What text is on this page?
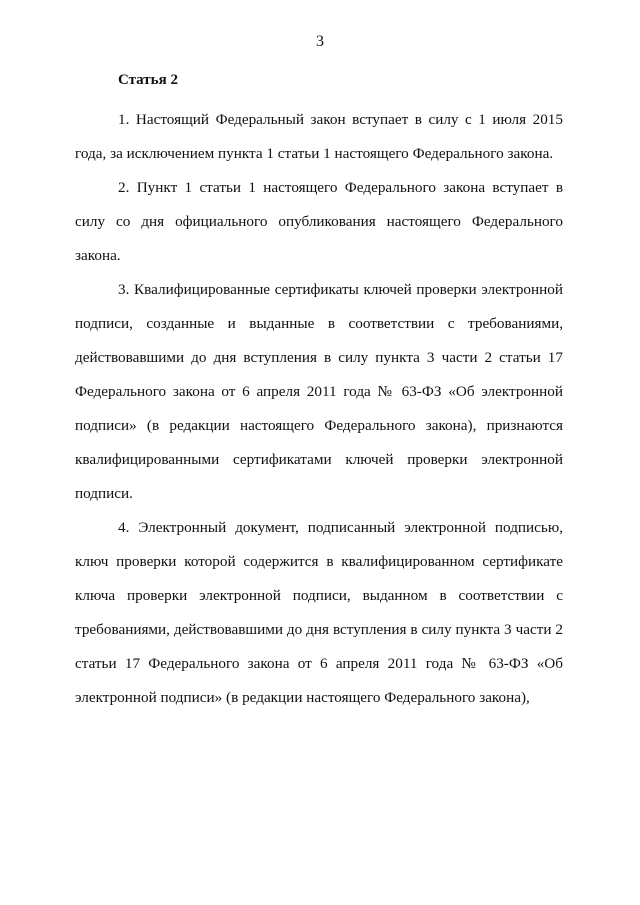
3
Статья 2

1. Настоящий Федеральный закон вступает в силу с 1 июля 2015 года, за исключением пункта 1 статьи 1 настоящего Федерального закона.

2. Пункт 1 статьи 1 настоящего Федерального закона вступает в силу со дня официального опубликования настоящего Федерального закона.

3. Квалифицированные сертификаты ключей проверки электронной подписи, созданные и выданные в соответствии с требованиями, действовавшими до дня вступления в силу пункта 3 части 2 статьи 17 Федерального закона от 6 апреля 2011 года № 63-ФЗ «Об электронной подписи» (в редакции настоящего Федерального закона), признаются квалифицированными сертификатами ключей проверки электронной подписи.

4. Электронный документ, подписанный электронной подписью, ключ проверки которой содержится в квалифицированном сертификате ключа проверки электронной подписи, выданном в соответствии с требованиями, действовавшими до дня вступления в силу пункта 3 части 2 статьи 17 Федерального закона от 6 апреля 2011 года № 63-ФЗ «Об электронной подписи» (в редакции настоящего Федерального закона),
